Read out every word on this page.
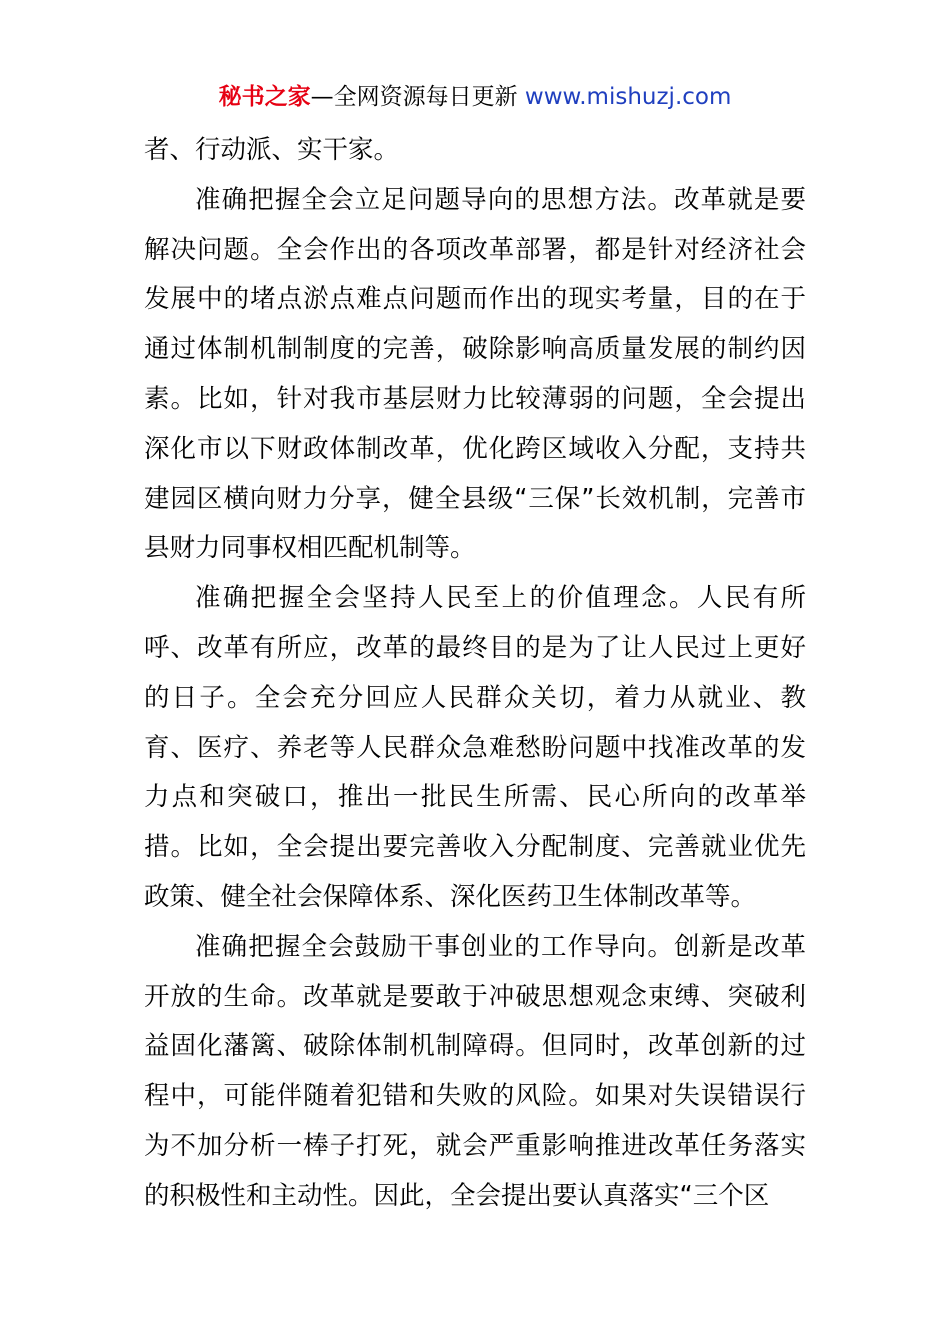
秘书之家—全网资源每日更新 www.mishuzj.com

者、行动派、实干家。

准确把握全会立足问题导向的思想方法。改革就是要解决问题。全会作出的各项改革部署，都是针对经济社会发展中的堵点淤点难点问题而作出的现实考量，目的在于通过体制机制制度的完善，破除影响高质量发展的制约因素。比如，针对我市基层财力比较薄弱的问题，全会提出深化市以下财政体制改革，优化跨区域收入分配，支持共建园区横向财力分享，健全县级“三保”长效机制，完善市县财力同事权相匹配机制等。

准确把握全会坚持人民至上的价值理念。人民有所呼、改革有所应，改革的最终目的是为了让人民过上更好的日子。全会充分回应人民群众关切，着力从就业、教育、医疗、养老等人民群众急难愁盼问题中找准改革的发力点和突破口，推出一批民生所需、民心所向的改革举措。比如，全会提出要完善收入分配制度、完善就业优先政策、健全社会保障体系、深化医药卫生体制改革等。

准确把握全会鼓励干事创业的工作导向。创新是改革开放的生命。改革就是要敢于冲破思想观念束缚、突破利益固化藩篱、破除体制机制障碍。但同时，改革创新的过程中，可能伴随着犯错和失败的风险。如果对失误错误行为不加分析一棒子打死，就会严重影响推进改革任务落实的积极性和主动性。因此，全会提出要认真落实“三个区
